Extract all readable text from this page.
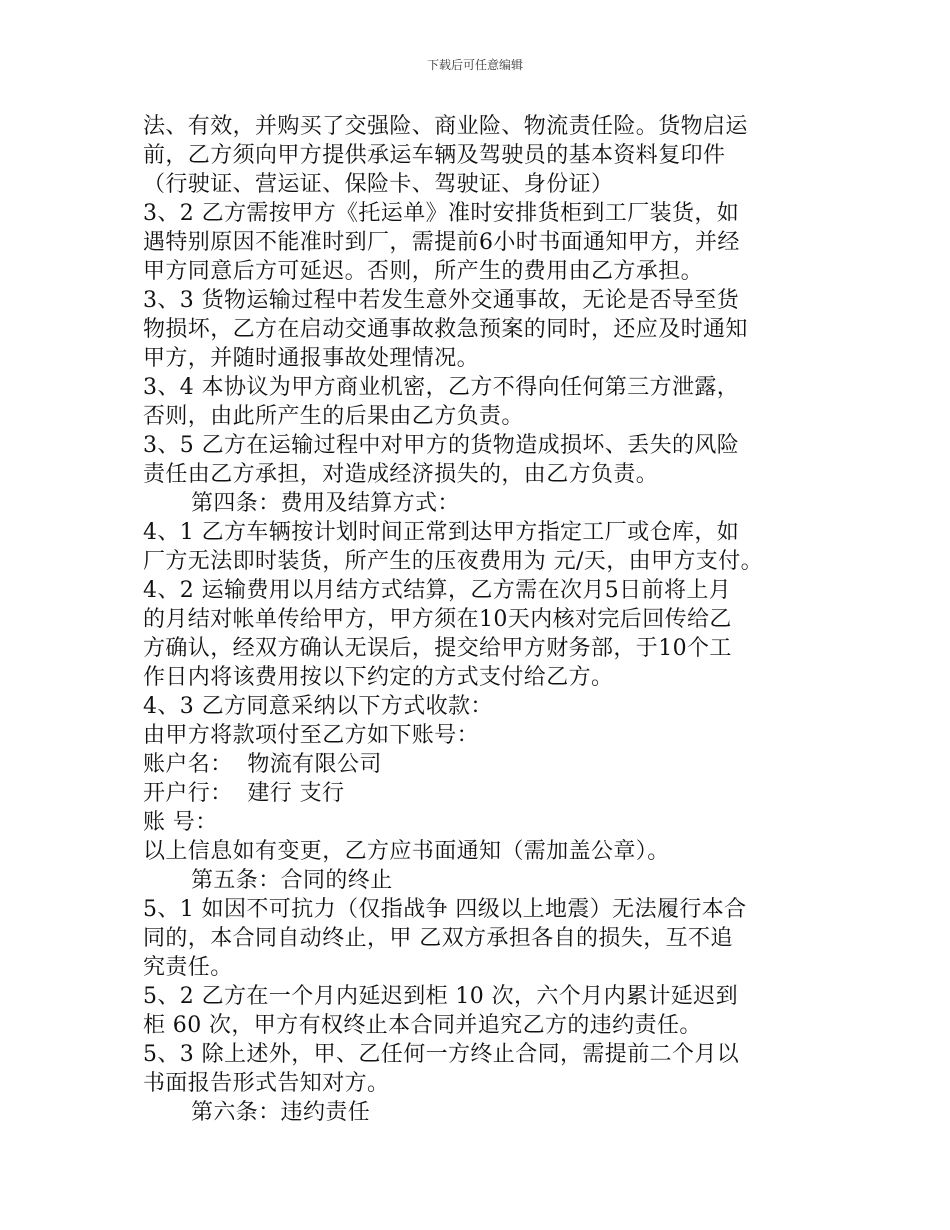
下载后可任意编辑
法、有效，并购买了交强险、商业险、物流责任险。货物启运
前，乙方须向甲方提供承运车辆及驾驶员的基本资料复印件
（行驶证、营运证、保险卡、驾驶证、身份证）
3、2 乙方需按甲方《托运单》准时安排货柜到工厂装货，如
遇特别原因不能准时到厂，需提前6小时书面通知甲方，并经
甲方同意后方可延迟。否则，所产生的费用由乙方承担。
3、3 货物运输过程中若发生意外交通事故，无论是否导至货
物损坏，乙方在启动交通事故救急预案的同时，还应及时通知
甲方，并随时通报事故处理情况。
3、4 本协议为甲方商业机密，乙方不得向任何第三方泄露，
否则，由此所产生的后果由乙方负责。
3、5 乙方在运输过程中对甲方的货物造成损坏、丢失的风险
责任由乙方承担，对造成经济损失的，由乙方负责。
第四条：费用及结算方式：
4、1 乙方车辆按计划时间正常到达甲方指定工厂或仓库，如
厂方无法即时装货，所产生的压夜费用为 元/天，由甲方支付。
4、2 运输费用以月结方式结算，乙方需在次月5日前将上月
的月结对帐单传给甲方，甲方须在10天内核对完后回传给乙
方确认，经双方确认无误后，提交给甲方财务部，于10个工
作日内将该费用按以下约定的方式支付给乙方。
4、3 乙方同意采纳以下方式收款：
由甲方将款项付至乙方如下账号：
账户名：  物流有限公司
开户行：  建行 支行
账 号：
以上信息如有变更，乙方应书面通知（需加盖公章）。
第五条：合同的终止
5、1 如因不可抗力（仅指战争 四级以上地震）无法履行本合
同的，本合同自动终止，甲 乙双方承担各自的损失，互不追
究责任。
5、2 乙方在一个月内延迟到柜 10 次，六个月内累计延迟到
柜 60 次，甲方有权终止本合同并追究乙方的违约责任。
5、3 除上述外，甲、乙任何一方终止合同，需提前二个月以
书面报告形式告知对方。
第六条：违约责任
